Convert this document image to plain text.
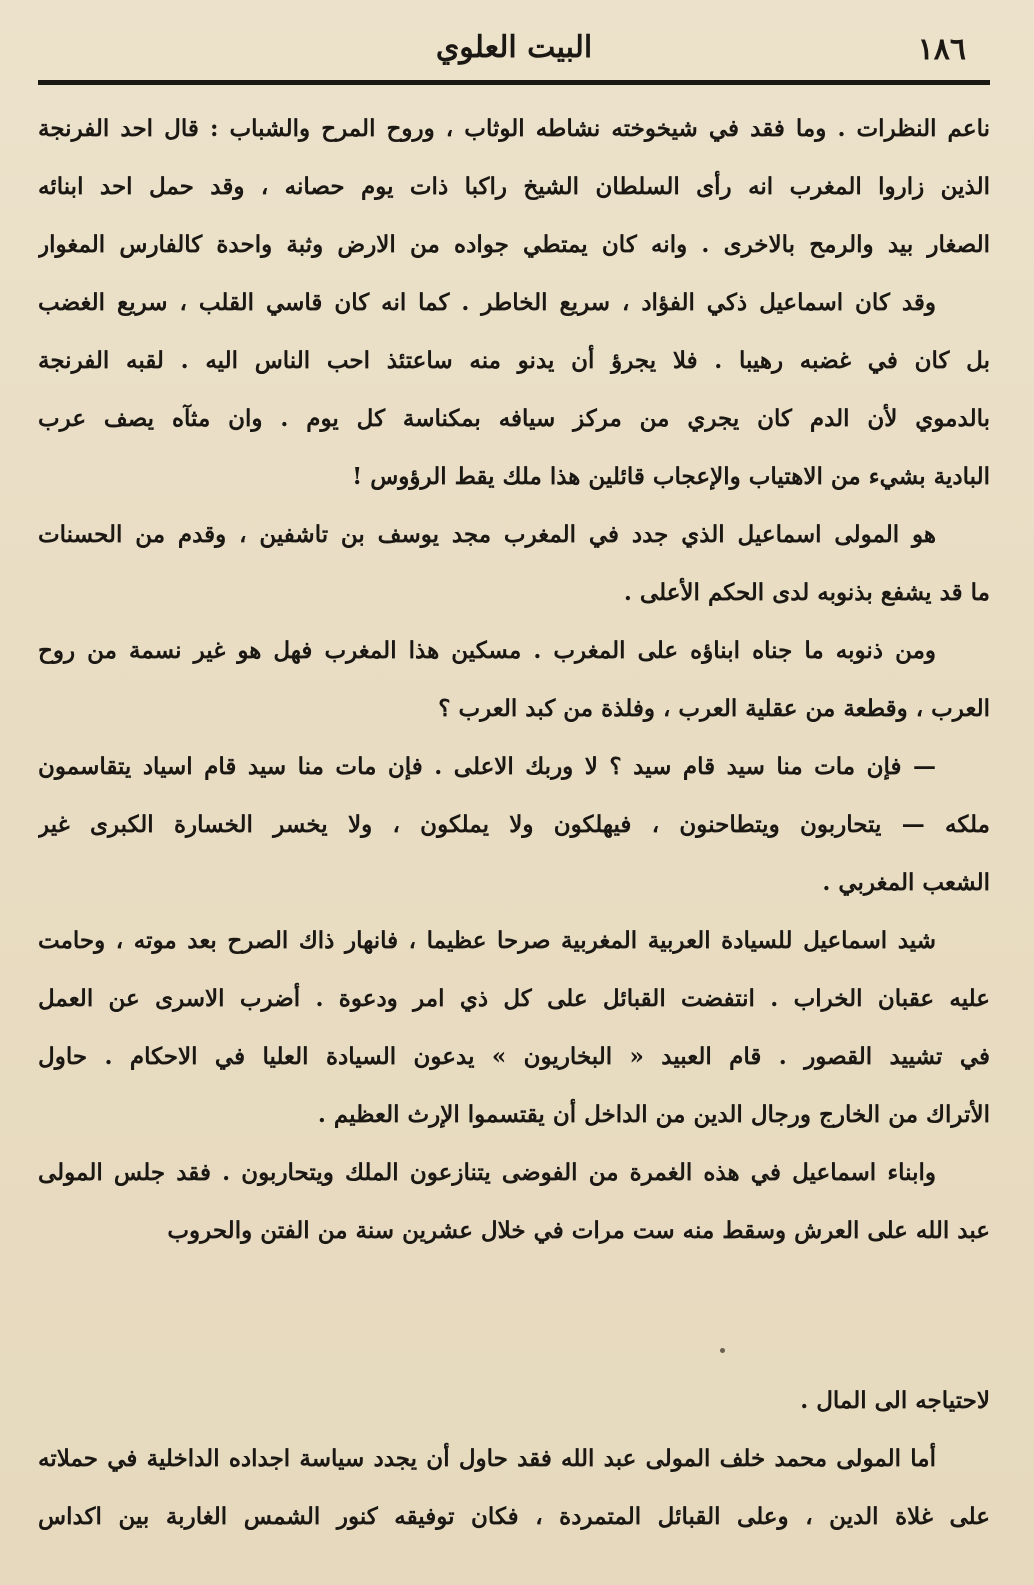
١٨٦
البيت العلوي
ناعم النظرات . وما فقد في شيخوخته نشاطه الوثاب ، وروح المرح والشباب : قال احد الفرنجة
الذين زاروا المغرب انه رأى السلطان الشيخ راكبا ذات يوم حصانه ، وقد حمل احد ابنائه
الصغار بيد والرمح بالاخرى . وانه كان يمتطي جواده من الارض وثبة واحدة كالفارس المغوار
وقد كان اسماعيل ذكي الفؤاد ، سريع الخاطر . كما انه كان قاسي القلب ، سريع الغضب
بل كان في غضبه رهيبا . فلا يجرؤ أن يدنو منه ساعتئذ احب الناس اليه . لقبه الفرنجة
بالدموي لأن الدم كان يجري من مركز سيافه بمكناسة كل يوم . وان مثآه يصف عرب
البادية بشيء من الاهتياب والإعجاب قائلين هذا ملك يقط الرؤوس !
هو المولى اسماعيل الذي جدد في المغرب مجد يوسف بن تاشفين ، وقدم من الحسنات
ما قد يشفع بذنوبه لدى الحكم الأعلى .
ومن ذنوبه ما جناه ابناؤه على المغرب . مسكين هذا المغرب فهل هو غير نسمة من روح
العرب ، وقطعة من عقلية العرب ، وفلذة من كبد العرب ؟
— فإن مات منا سيد قام سيد ؟ لا وربك الاعلى . فإن مات منا سيد قام اسياد يتقاسمون
ملكه — يتحاربون ويتطاحنون ، فيهلكون ولا يملكون ، ولا يخسر الخسارة الكبرى غير
الشعب المغربي .
شيد اسماعيل للسيادة العربية المغربية صرحا عظيما ، فانهار ذاك الصرح بعد موته ، وحامت
عليه عقبان الخراب . انتفضت القبائل على كل ذي امر ودعوة . أضرب الاسرى عن العمل
في تشييد القصور . قام العبيد « البخاريون » يدعون السيادة العليا في الاحكام . حاول
الأتراك من الخارج ورجال الدين من الداخل أن يقتسموا الإرث العظيم .
وابناء اسماعيل في هذه الغمرة من الفوضى يتنازعون الملك ويتحاربون . فقد جلس المولى
عبد الله على العرش وسقط منه ست مرات في خلال عشرين سنة من الفتن والحروب
لاحتياجه الى المال .
أما المولى محمد خلف المولى عبد الله فقد حاول أن يجدد سياسة اجداده الداخلية في حملاته
على غلاة الدين ، وعلى القبائل المتمردة ، فكان توفيقه كنور الشمس الغاربة بين اكداس
